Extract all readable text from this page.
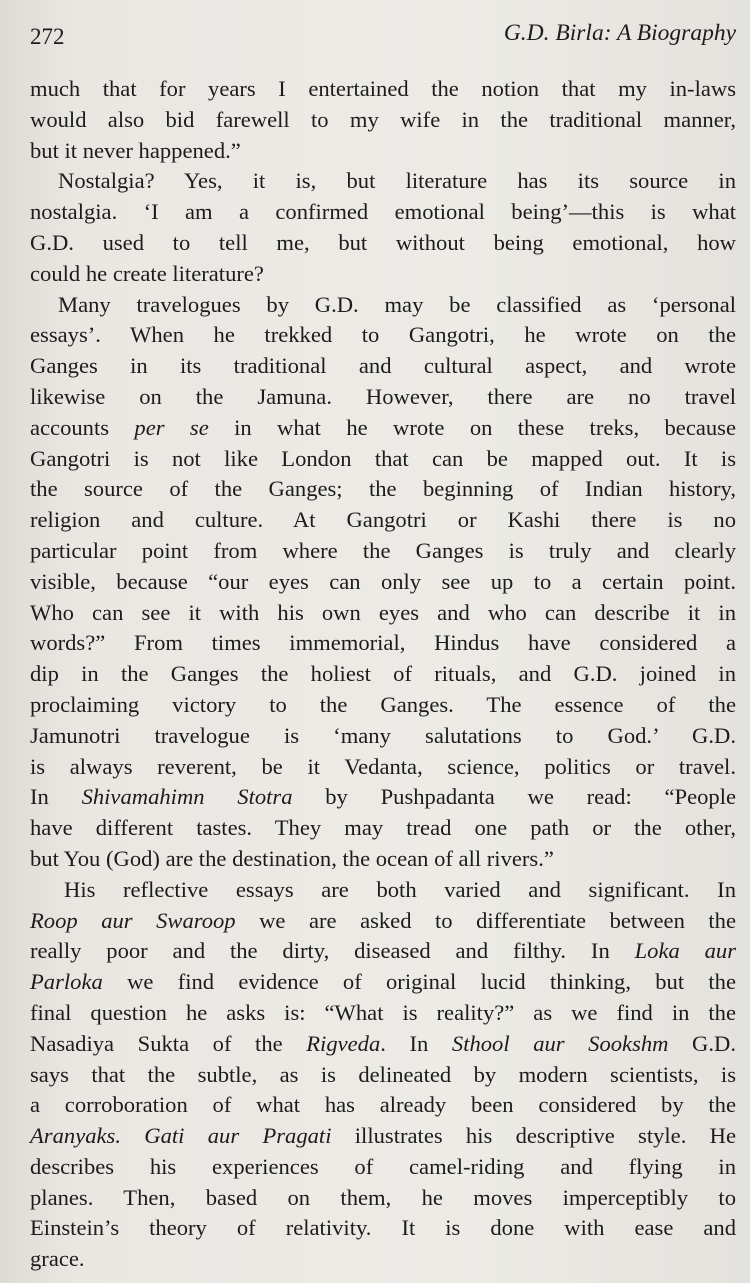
272	G.D. Birla: A Biography
much that for years I entertained the notion that my in-laws
would also bid farewell to my wife in the traditional manner,
but it never happened.”
Nostalgia? Yes, it is, but literature has its source in
nostalgia. ‘I am a confirmed emotional being’—this is what
G.D. used to tell me, but without being emotional, how
could he create literature?
Many travelogues by G.D. may be classified as ‘personal
essays’. When he trekked to Gangotri, he wrote on the
Ganges in its traditional and cultural aspect, and wrote
likewise on the Jamuna. However, there are no travel
accounts per se in what he wrote on these treks, because
Gangotri is not like London that can be mapped out. It is
the source of the Ganges; the beginning of Indian history,
religion and culture. At Gangotri or Kashi there is no
particular point from where the Ganges is truly and clearly
visible, because “our eyes can only see up to a certain point.
Who can see it with his own eyes and who can describe it in
words?” From times immemorial, Hindus have considered a
dip in the Ganges the holiest of rituals, and G.D. joined in
proclaiming victory to the Ganges. The essence of the
Jamunotri travelogue is ‘many salutations to God.’ G.D.
is always reverent, be it Vedanta, science, politics or travel.
In Shivamahimn Stotra by Pushpadanta we read: “People
have different tastes. They may tread one path or the other,
but You (God) are the destination, the ocean of all rivers.”
His reflective essays are both varied and significant. In
Roop aur Swaroop we are asked to differentiate between the
really poor and the dirty, diseased and filthy. In Loka aur
Parloka we find evidence of original lucid thinking, but the
final question he asks is: “What is reality?” as we find in the
Nasadiya Sukta of the Rigveda. In Sthool aur Sookshm G.D.
says that the subtle, as is delineated by modern scientists, is
a corroboration of what has already been considered by the
Aranyaks. Gati aur Pragati illustrates his descriptive style. He
describes his experiences of camel-riding and flying in
planes. Then, based on them, he moves imperceptibly to
Einstein’s theory of relativity. It is done with ease and
grace.
